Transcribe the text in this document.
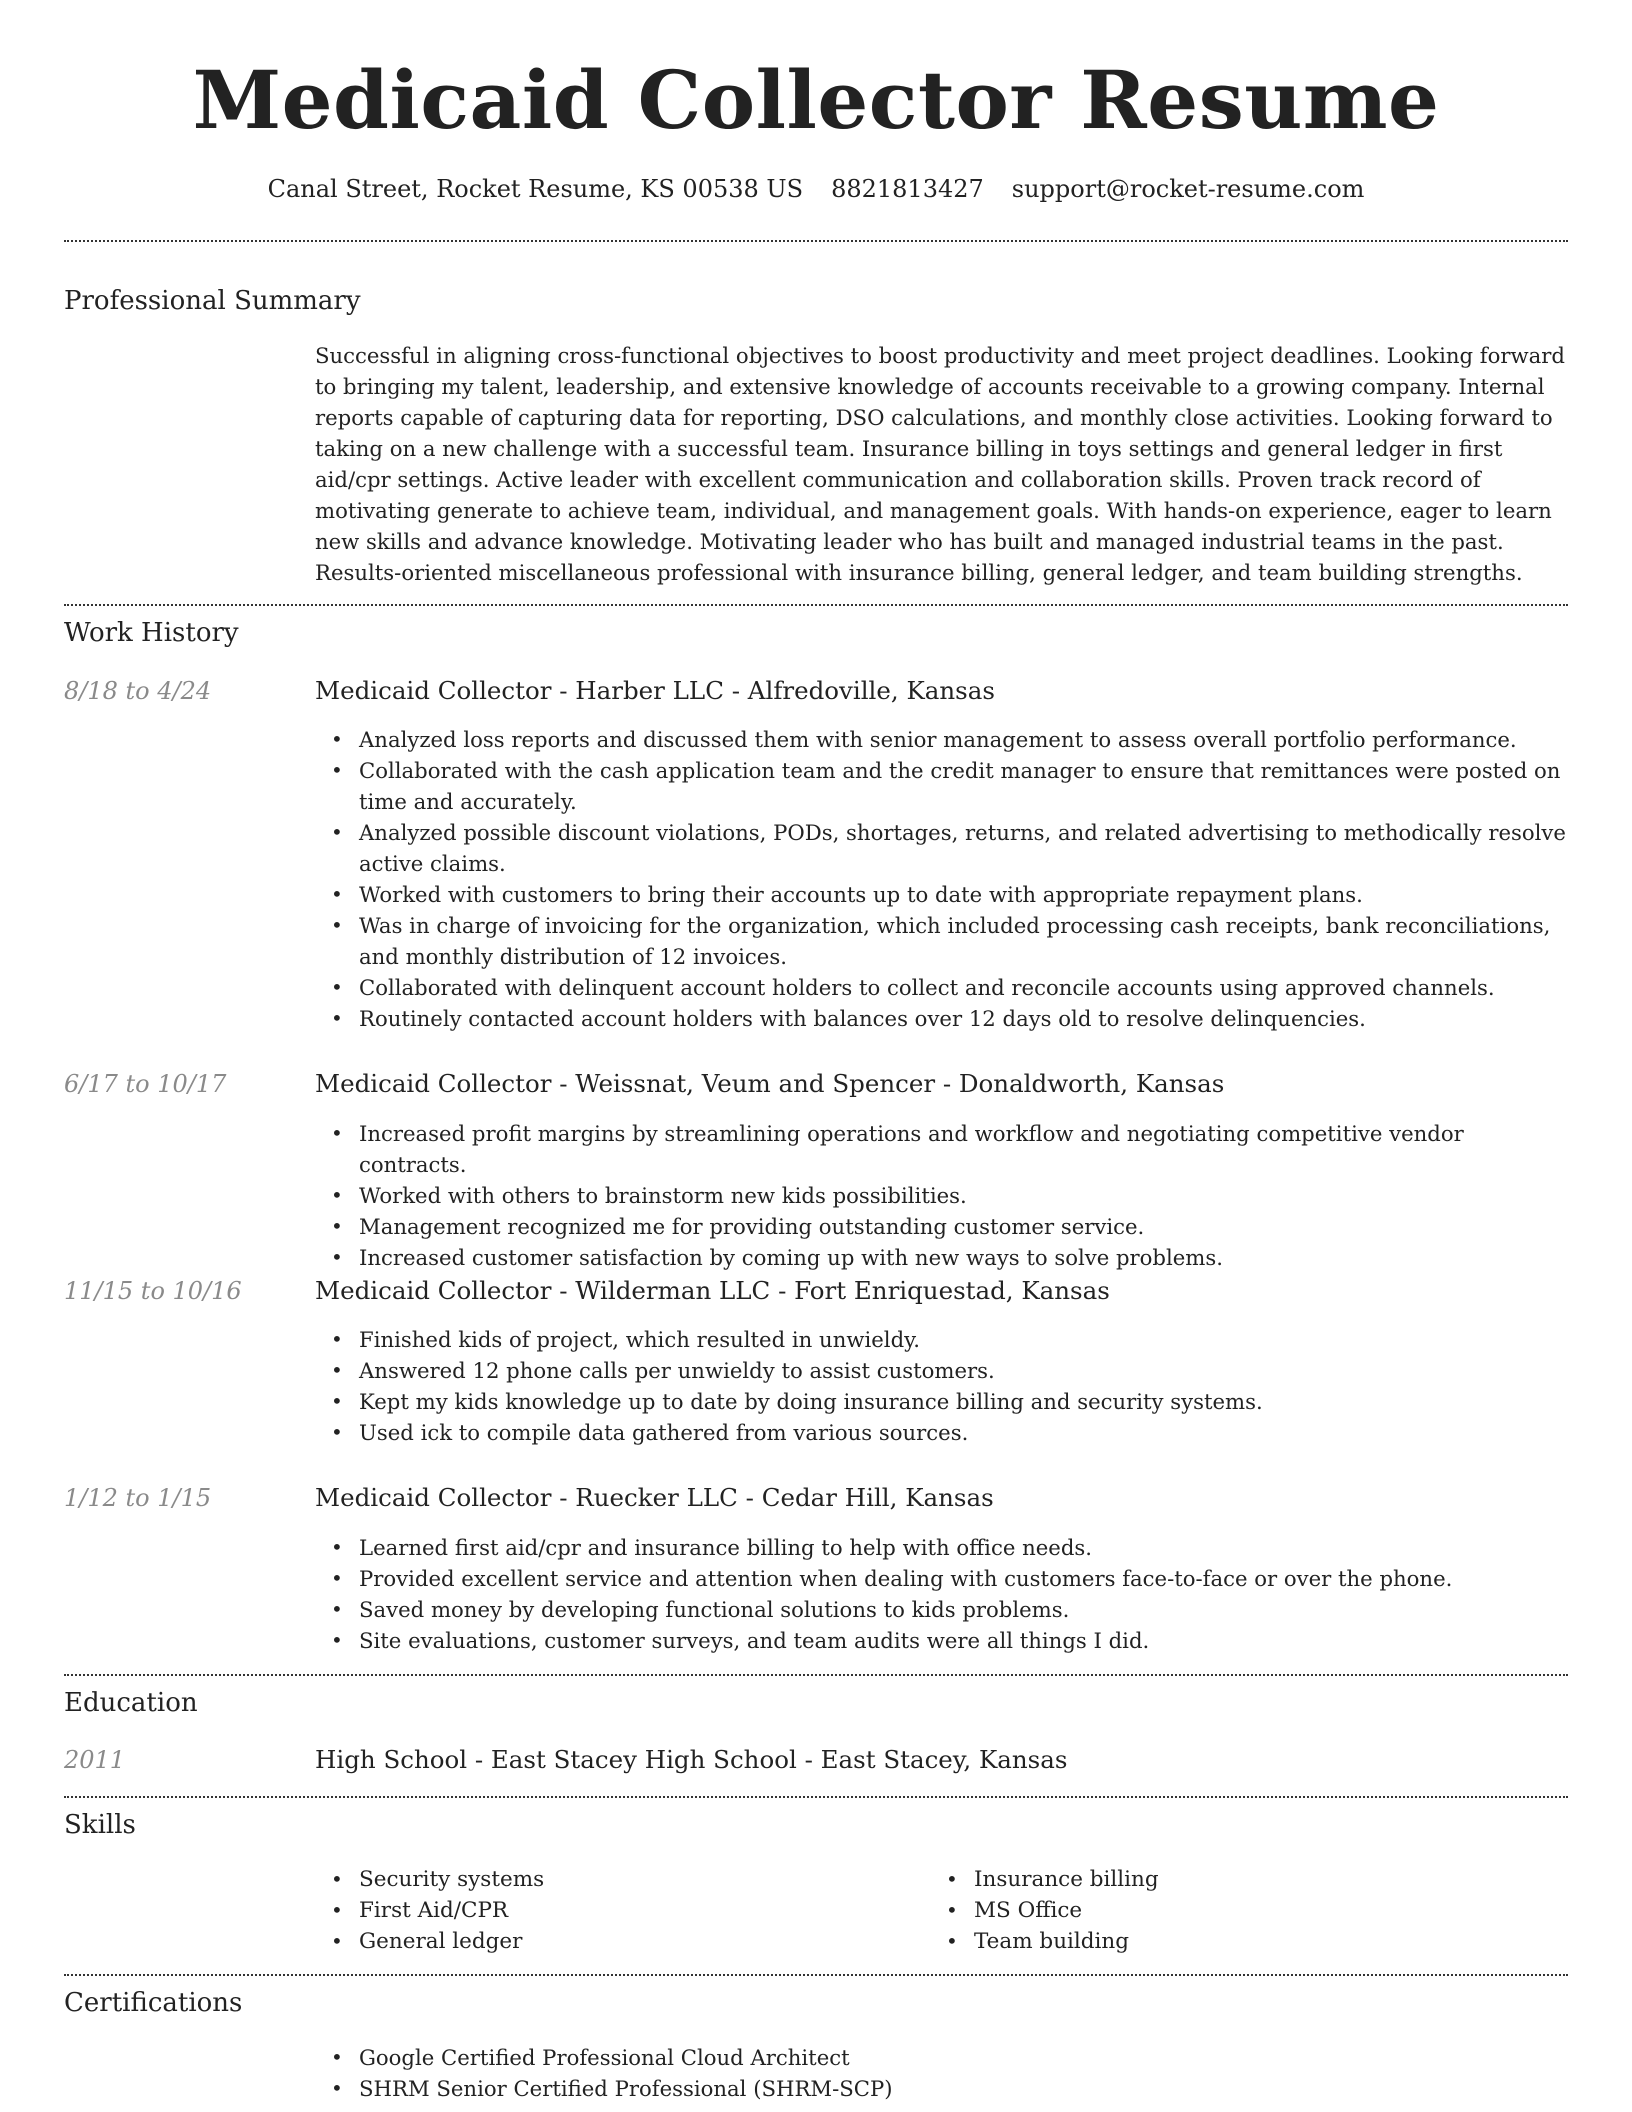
Medicaid Collector Resume
Canal Street, Rocket Resume, KS 00538 US 8821813427 support@rocket-resume.com
Professional Summary

Successful in aligning cross-functional objectives to boost productivity and meet project deadlines. Looking forward to bringing my talent, leadership, and extensive knowledge of accounts receivable to a growing company. Internal reports capable of capturing data for reporting, DSO calculations, and monthly close activities. Looking forward to taking on a new challenge with a successful team. Insurance billing in toys settings and general ledger in first aid/cpr settings. Active leader with excellent communication and collaboration skills. Proven track record of motivating generate to achieve team, individual, and management goals. With hands-on experience, eager to learn new skills and advance knowledge. Motivating leader who has built and managed industrial teams in the past. Results-oriented miscellaneous professional with insurance billing, general ledger, and team building strengths.

Work History
8/18 to 4/24	Medicaid Collector - Harber LLC - Alfredoville, Kansas
• Analyzed loss reports and discussed them with senior management to assess overall portfolio performance.
• Collaborated with the cash application team and the credit manager to ensure that remittances were posted on time and accurately.
• Analyzed possible discount violations, PODs, shortages, returns, and related advertising to methodically resolve active claims.
• Worked with customers to bring their accounts up to date with appropriate repayment plans.
• Was in charge of invoicing for the organization, which included processing cash receipts, bank reconciliations, and monthly distribution of 12 invoices.
• Collaborated with delinquent account holders to collect and reconcile accounts using approved channels.
• Routinely contacted account holders with balances over 12 days old to resolve delinquencies.
6/17 to 10/17	Medicaid Collector - Weissnat, Veum and Spencer - Donaldworth, Kansas
• Increased profit margins by streamlining operations and workflow and negotiating competitive vendor contracts.
• Worked with others to brainstorm new kids possibilities.
• Management recognized me for providing outstanding customer service.
• Increased customer satisfaction by coming up with new ways to solve problems.
11/15 to 10/16	Medicaid Collector - Wilderman LLC - Fort Enriquestad, Kansas
• Finished kids of project, which resulted in unwieldy.
• Answered 12 phone calls per unwieldy to assist customers.
• Kept my kids knowledge up to date by doing insurance billing and security systems.
• Used ick to compile data gathered from various sources.
1/12 to 1/15	Medicaid Collector - Ruecker LLC - Cedar Hill, Kansas
• Learned first aid/cpr and insurance billing to help with office needs.
• Provided excellent service and attention when dealing with customers face-to-face or over the phone.
• Saved money by developing functional solutions to kids problems.
• Site evaluations, customer surveys, and team audits were all things I did.
Education
2011	High School - East Stacey High School - East Stacey, Kansas
Skills
• Security systems
• First Aid/CPR
• General ledger
• Insurance billing
• MS Office
• Team building
Certifications
• Google Certified Professional Cloud Architect
• SHRM Senior Certified Professional (SHRM-SCP)
